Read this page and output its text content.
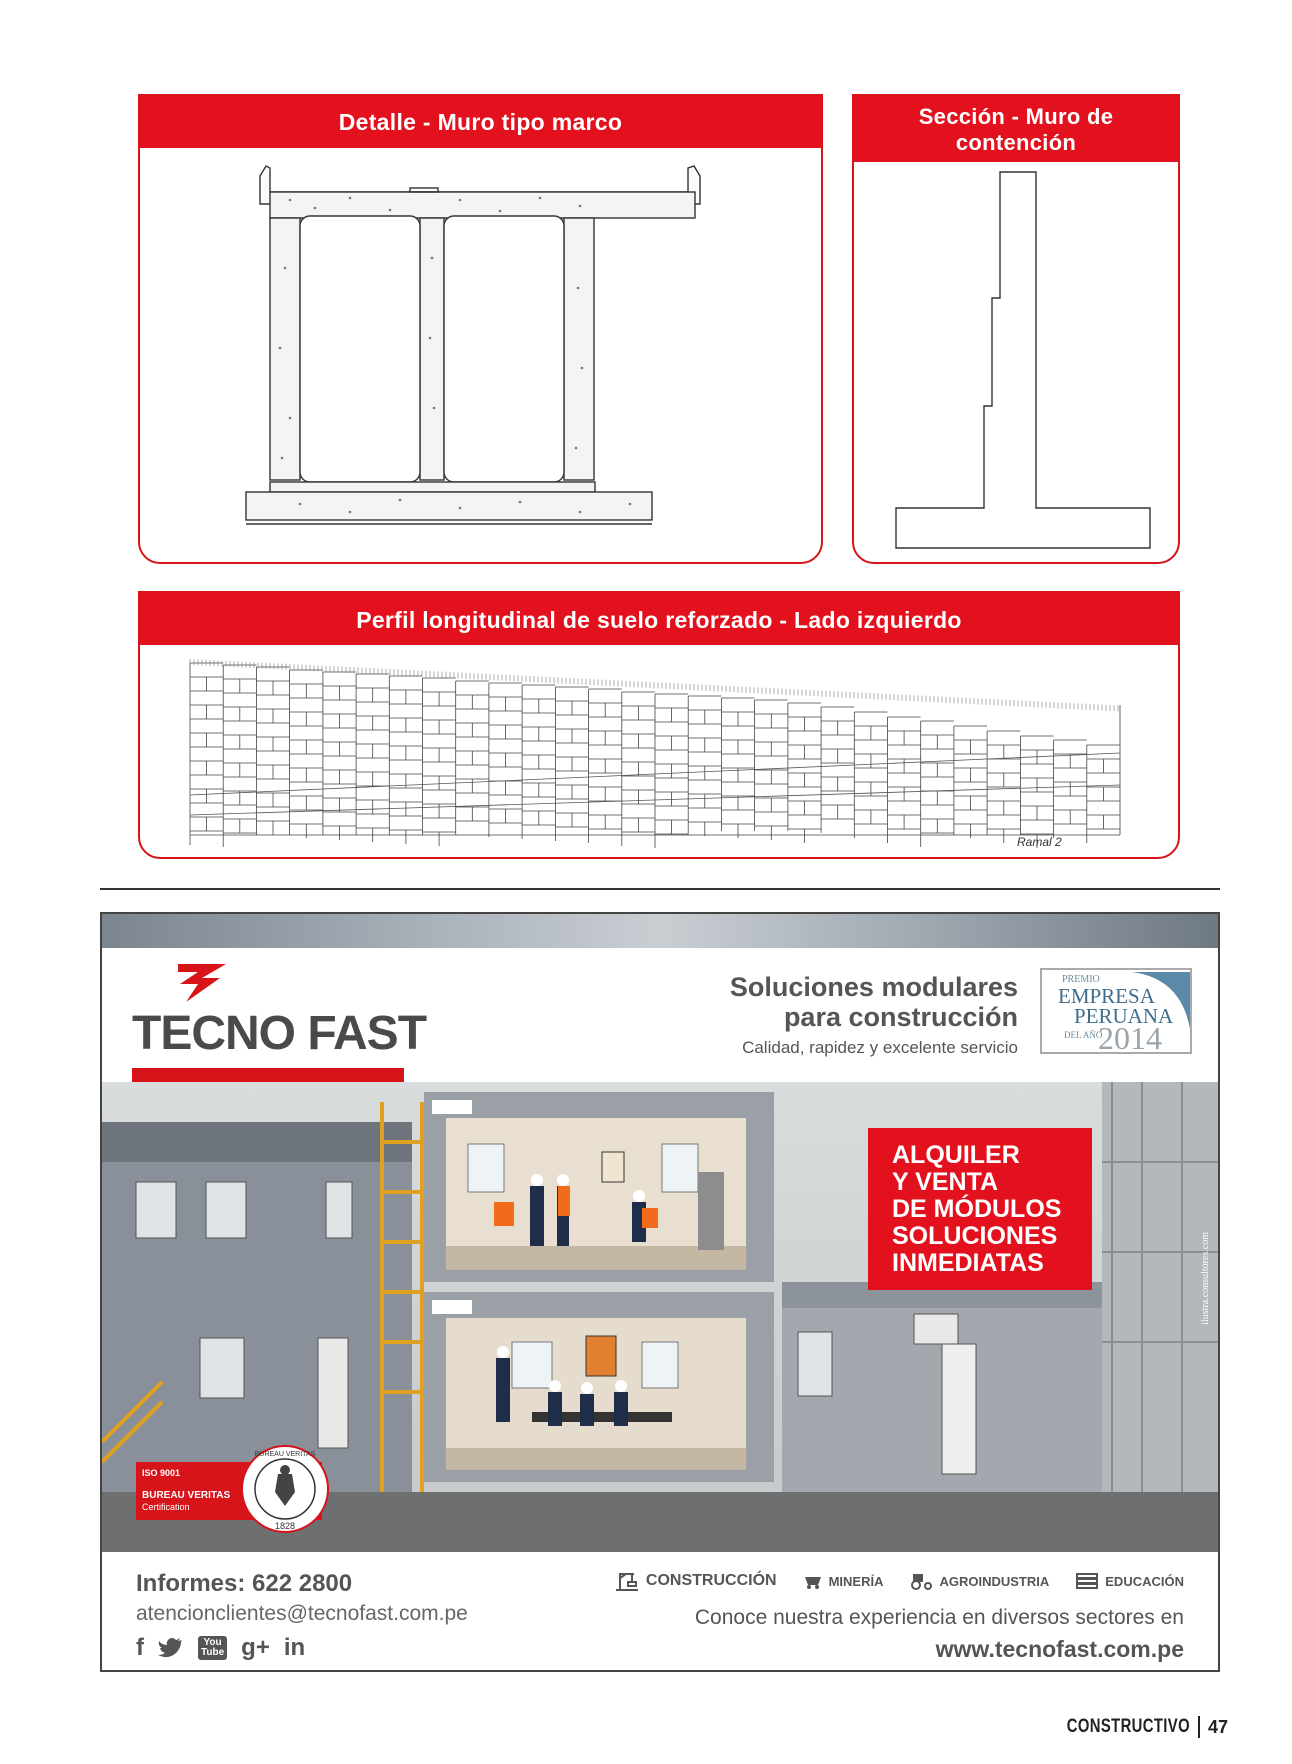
Detalle - Muro tipo marco	Sección - Muro de
contención
Perfil longitudinal de suelo reforzado - Lado izquierdo
Ramal 2
TECNO FAST
Soluciones modulares
para construcción
Calidad, rapidez y excelente servicio
PREMIO
EMPRESA
PERUANA
DEL AÑO
2014
ALQUILER
Y VENTA
DE MÓDULOS
SOLUCIONES
INMEDIATAS	ilustra.consultores.com
ISO 9001
BUREAU VERITAS
Certification
1828
BUREAU VERITAS
Informes: 622 2800
atencionclientes@tecnofast.com.pe
f	You
Tube g+ in
CONSTRUCCIÓN	MINERÍA	AGROINDUSTRIA	EDUCACIÓN
Conoce nuestra experiencia en diversos sectores en
www.tecnofast.com.pe
CONSTRUCTIVO 47
